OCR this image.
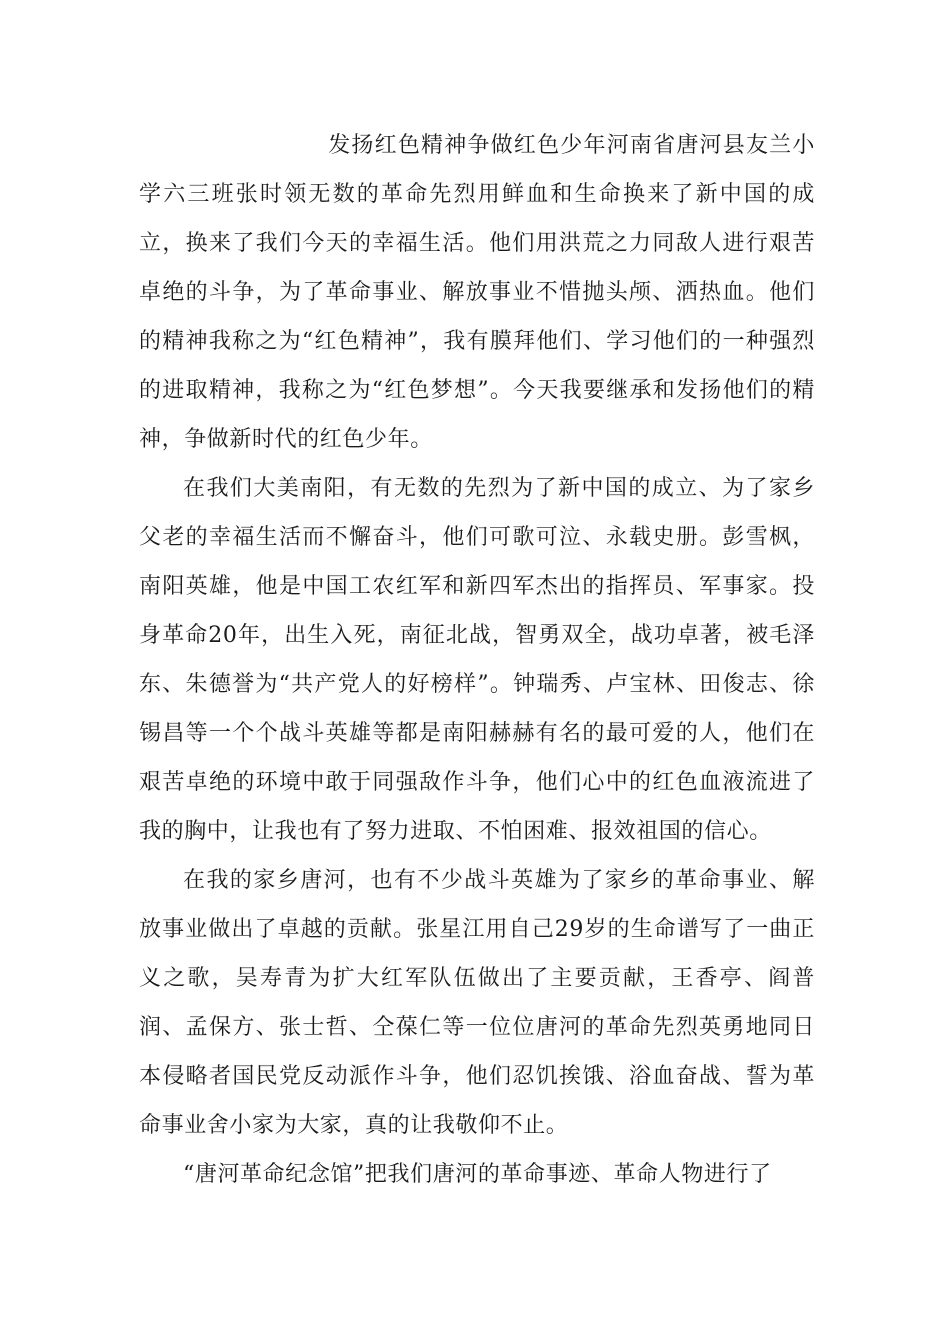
发扬红色精神争做红色少年河南省唐河县友兰小学六三班张时领无数的革命先烈用鲜血和生命换来了新中国的成立，换来了我们今天的幸福生活。他们用洪荒之力同敌人进行艰苦卓绝的斗争，为了革命事业、解放事业不惜抛头颅、洒热血。他们的精神我称之为“红色精神”，我有膜拜他们、学习他们的一种强烈的进取精神，我称之为“红色梦想”。今天我要继承和发扬他们的精神，争做新时代的红色少年。

在我们大美南阳，有无数的先烈为了新中国的成立、为了家乡父老的幸福生活而不懈奋斗，他们可歌可泣、永载史册。彭雪枫，南阳英雄，他是中国工农红军和新四军杰出的指挥员、军事家。投身革命20年，出生入死，南征北战，智勇双全，战功卓著，被毛泽东、朱德誉为“共产党人的好榜样”。钟瑞秀、卢宝林、田俊志、徐锡昌等一个个战斗英雄等都是南阳赫赫有名的最可爱的人，他们在艰苦卓绝的环境中敢于同强敌作斗争，他们心中的红色血液流进了我的胸中，让我也有了努力进取、不怕困难、报效祖国的信心。

在我的家乡唐河，也有不少战斗英雄为了家乡的革命事业、解放事业做出了卓越的贡献。张星江用自己29岁的生命谱写了一曲正义之歌，吴寿青为扩大红军队伍做出了主要贡献，王香亭、阎普润、孟保方、张士哲、仝葆仁等一位位唐河的革命先烈英勇地同日本侵略者国民党反动派作斗争，他们忍饥挨饿、浴血奋战、誓为革命事业舍小家为大家，真的让我敬仰不止。

“唐河革命纪念馆”把我们唐河的革命事迹、革命人物进行了
